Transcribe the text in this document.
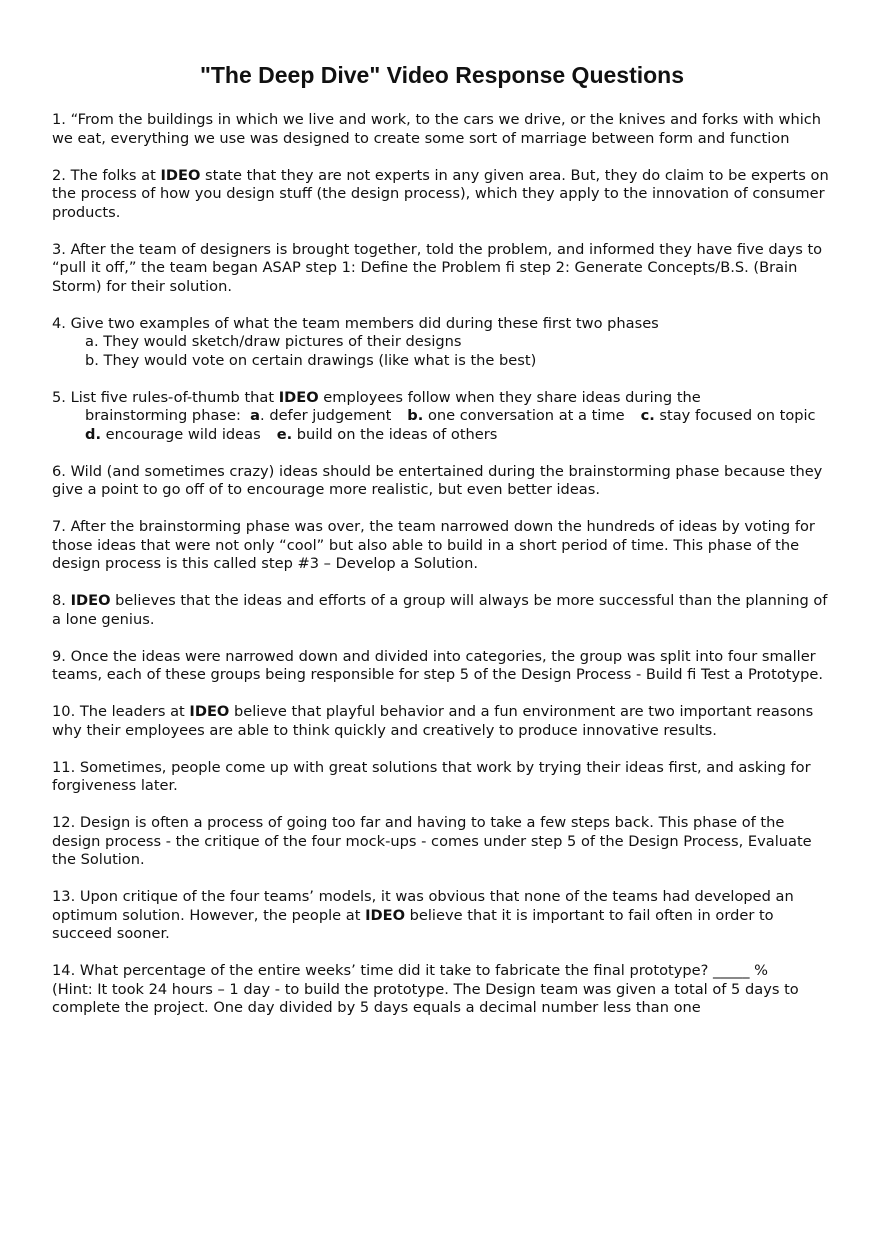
"The Deep Dive" Video Response Questions

1. “From the buildings in which we live and work, to the cars we drive, or the knives and forks with which we eat, everything we use was designed to create some sort of marriage between form and function

2. The folks at IDEO state that they are not experts in any given area. But, they do claim to be experts on the process of how you design stuff (the design process), which they apply to the innovation of consumer products.

3. After the team of designers is brought together, told the problem, and informed they have five days to “pull it off,” the team began ASAP step 1: Define the Problem ﬁ step 2: Generate Concepts/B.S. (Brain Storm) for their solution.

4. Give two examples of what the team members did during these first two phases

a. They would sketch/draw pictures of their designs

b. They would vote on certain drawings (like what is the best)

5. List five rules-of-thumb that IDEO employees follow when they share ideas during the

brainstorming phase: a. defer judgement b. one conversation at a time c. stay focused on topicd. encourage wild ideas e. build on the ideas of others

6. Wild (and sometimes crazy) ideas should be entertained during the brainstorming phase because they give a point to go off of to encourage more realistic, but even better ideas.

7. After the brainstorming phase was over, the team narrowed down the hundreds of ideas by voting for those ideas that were not only “cool” but also able to build in a short period of time. This phase of the design process is this called step #3 – Develop a Solution.

8. IDEO believes that the ideas and efforts of a group will always be more successful than the planning of a lone genius.

9. Once the ideas were narrowed down and divided into categories, the group was split into four smaller teams, each of these groups being responsible for step 5 of the Design Process - Build ﬁ Test a Prototype.

10. The leaders at IDEO believe that playful behavior and a fun environment are two important reasons why their employees are able to think quickly and creatively to produce innovative results.

11. Sometimes, people come up with great solutions that work by trying their ideas first, and asking for forgiveness later.

12. Design is often a process of going too far and having to take a few steps back. This phase of the design process - the critique of the four mock-ups - comes under step 5 of the Design Process, Evaluate the Solution.

13. Upon critique of the four teams’ models, it was obvious that none of the teams had developed an optimum solution. However, the people at IDEO believe that it is important to fail often in order to succeed sooner.

14. What percentage of the entire weeks’ time did it take to fabricate the final prototype? _____ %

(Hint: It took 24 hours – 1 day - to build the prototype. The Design team was given a total of 5 days to complete the project. One day divided by 5 days equals a decimal number less than one
